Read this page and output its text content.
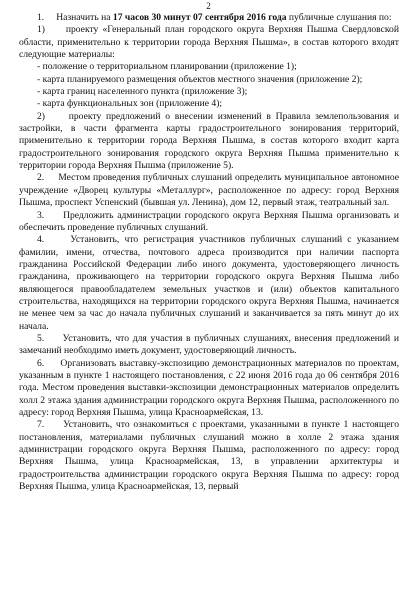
2

1.     Назначить на 17 часов 30 минут 07 сентября 2016 года публичные слушания по:

1)     проекту «Генеральный план городского округа Верхняя Пышма Свердловской области, применительно к территории города Верхняя Пышма», в состав которого входят следующие материалы:

- положение о территориальном планировании (приложение 1);

- карта планируемого размещения объектов местного значения (приложение 2);

- карта границ населенного пункта (приложение 3);

- карта функциональных зон (приложение 4);

2)     проекту предложений о внесении изменений в Правила землепользования и застройки, в части фрагмента карты градостроительного зонирования территорий, применительно к территории города Верхняя Пышма, в состав которого входит карта градостроительного зонирования городского округа Верхняя Пышма применительно к территории города Верхняя Пышма (приложение 5).

2.     Местом проведения публичных слушаний определить муниципальное автономное учреждение «Дворец культуры «Металлург», расположенное по адресу: город Верхняя Пышма, проспект Успенский (бывшая ул. Ленина), дом 12, первый этаж, театральный зал.

3.     Предложить администрации городского округа Верхняя Пышма организовать и обеспечить проведение публичных слушаний.

4.     Установить, что регистрация участников публичных слушаний с указанием фамилии, имени, отчества, почтового адреса производится при наличии паспорта гражданина Российской Федерации либо иного документа, удостоверяющего личность гражданина, проживающего на территории городского округа Верхняя Пышма либо являющегося правообладателем земельных участков и (или) объектов капитального строительства, находящихся на территории городского округа Верхняя Пышма, начинается не менее чем за час до начала публичных слушаний и заканчивается за пять минут до их начала.

5.     Установить, что для участия в публичных слушаниях, внесения предложений и замечаний необходимо иметь документ, удостоверяющий личность.

6.     Организовать выставку-экспозицию демонстрационных материалов по проектам, указанным в пункте 1 настоящего постановления, с 22 июня 2016 года до 06 сентября 2016 года. Местом проведения выставки-экспозиции демонстрационных материалов определить холл 2 этажа здания администрации городского округа Верхняя Пышма, расположенного по адресу: город Верхняя Пышма, улица Красноармейская, 13.

7.     Установить, что ознакомиться с проектами, указанными в пункте 1 настоящего постановления, материалами публичных слушаний можно в холле 2 этажа здания администрации городского округа Верхняя Пышма, расположенного по адресу: город Верхняя Пышма, улица Красноармейская, 13, в управлении архитектуры и градостроительства администрации городского округа Верхняя Пышма по адресу: город Верхняя Пышма, улица Красноармейская, 13, первый
